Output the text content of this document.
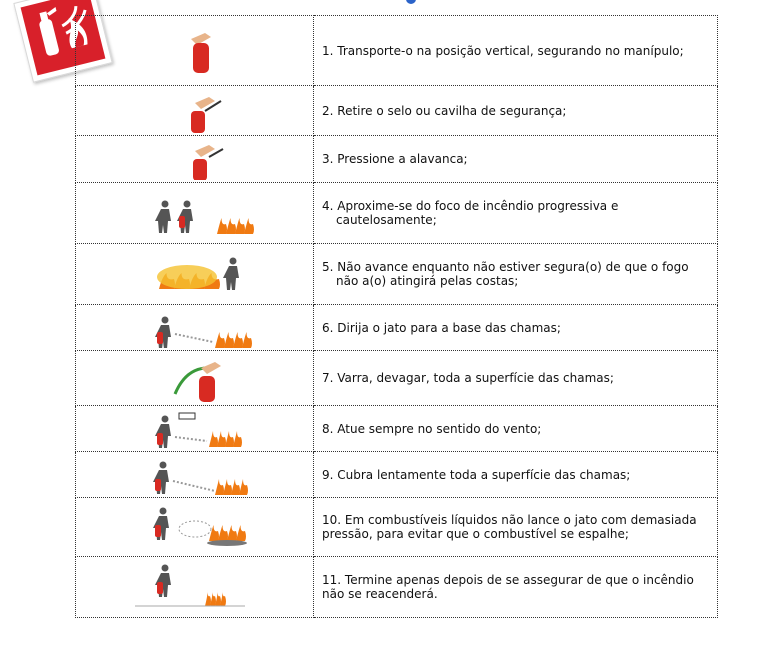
	1. Transporte-o na posição vertical, segurando no manípulo;

	2. Retire o selo ou cavilha de segurança;

	3. Pressione a alavanca;

4. Aproxime-se do foco de incêndio progressiva e cautelosamente;

5. Não avance enquanto não estiver segura(o) de que o fogo não a(o) atingirá pelas costas;

	6. Dirija o jato para a base das chamas;

	7. Varra, devagar, toda a superfície das chamas;

	8. Atue sempre no sentido do vento;

	9. Cubra lentamente toda a superfície das chamas;

	10. Em combustíveis líquidos não lance o jato com demasiada pressão, para evitar que o combustível se espalhe;

	11. Termine apenas depois de se assegurar de que o incêndio não se reacenderá.
